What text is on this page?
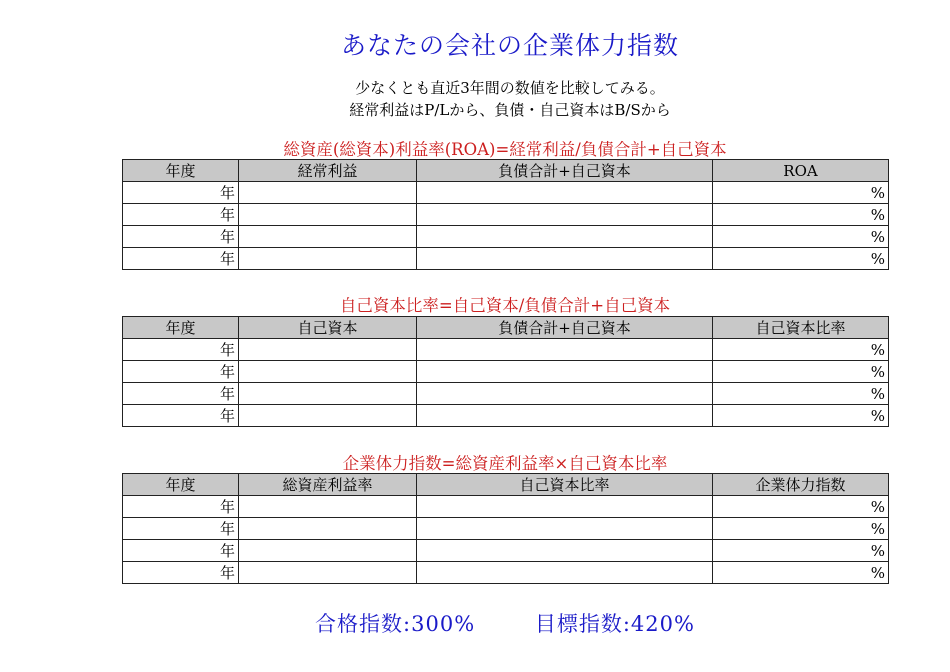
あなたの会社の企業体力指数
少なくとも直近3年間の数値を比較してみる。
経常利益はP/Lから、負債・自己資本はB/Sから
総資産(総資本)利益率(ROA)=経常利益/負債合計+自己資本
年度	経常利益	負債合計+自己資本	ROA
年			%
年			%
年			%
年			%
自己資本比率=自己資本/負債合計+自己資本
年度	自己資本	負債合計+自己資本	自己資本比率
年			%
年			%
年			%
年			%
企業体力指数=総資産利益率×自己資本比率
年度	総資産利益率	自己資本比率	企業体力指数
年			%
年			%
年			%
年			%
合格指数:300%	目標指数:420%
